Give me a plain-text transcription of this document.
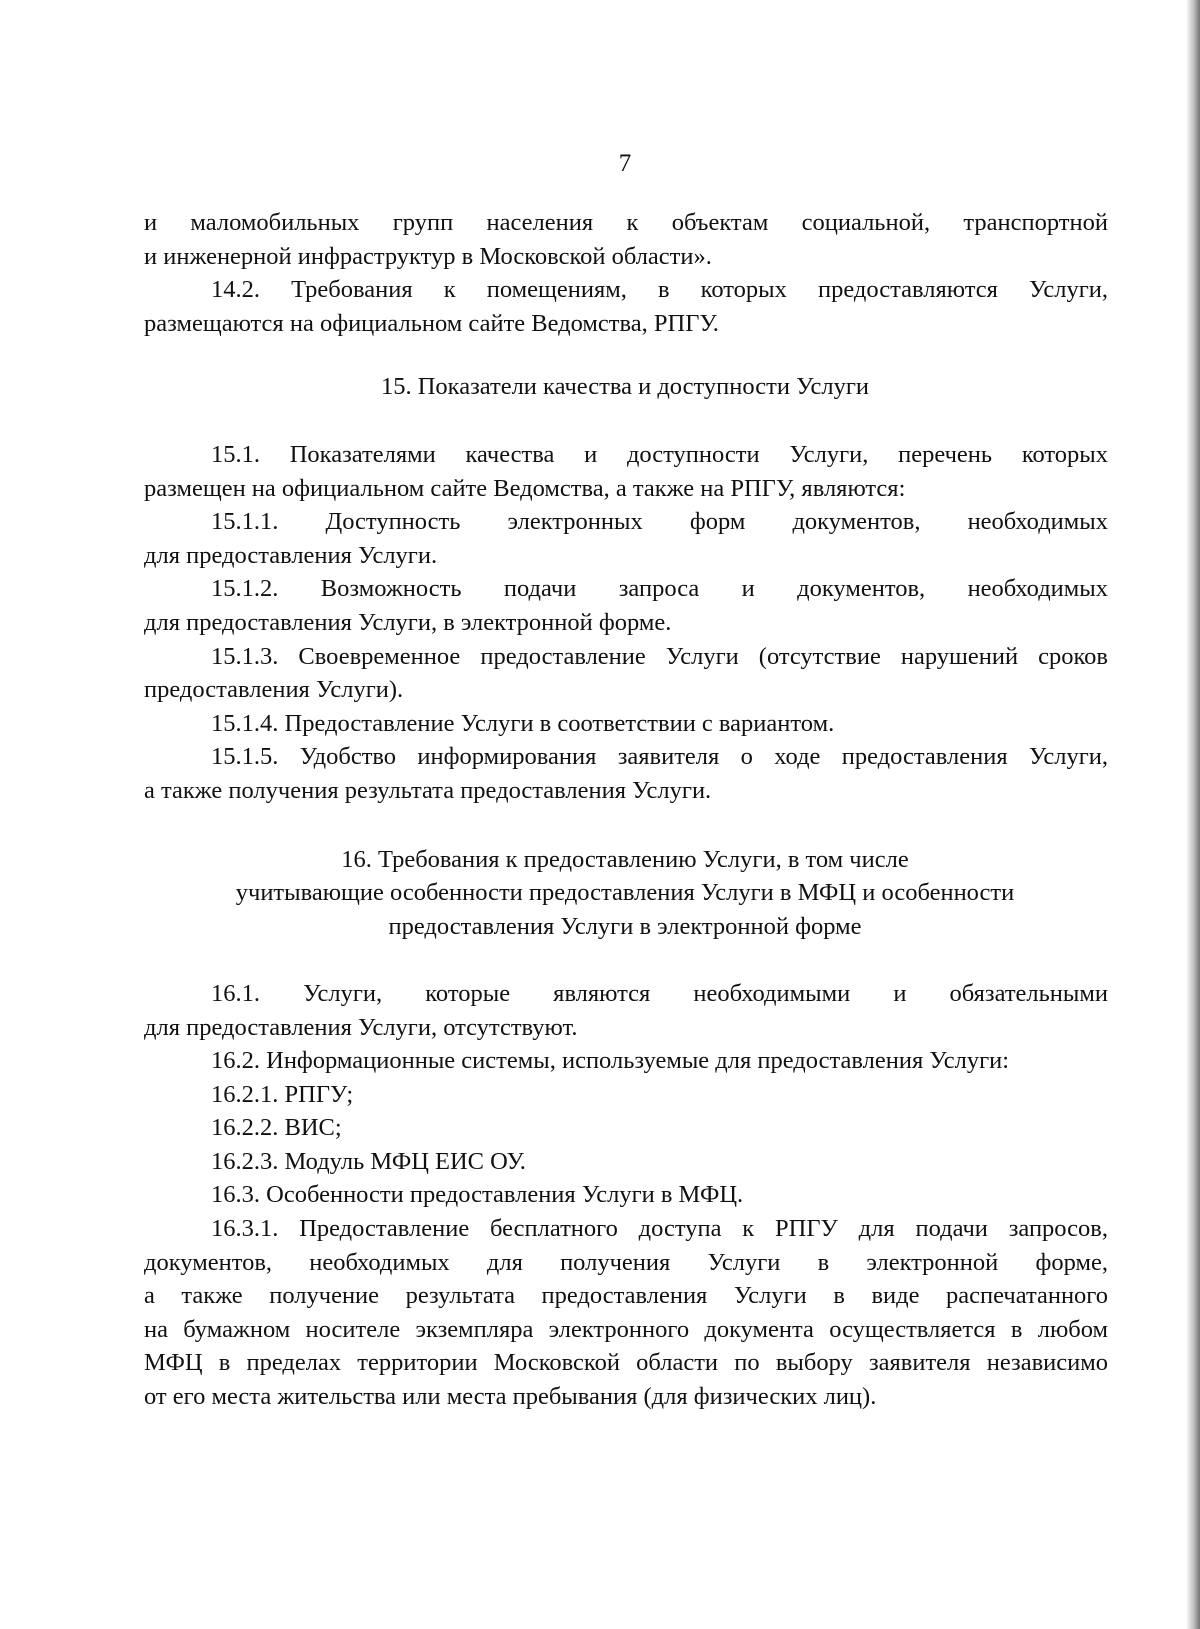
7
и маломобильных групп населения к объектам социальной, транспортной
и инженерной инфраструктур в Московской области».
14.2. Требования к помещениям, в которых предоставляются Услуги,
размещаются на официальном сайте Ведомства, РПГУ.
15. Показатели качества и доступности Услуги
15.1. Показателями качества и доступности Услуги, перечень которых
размещен на официальном сайте Ведомства, а также на РПГУ, являются:
15.1.1. Доступность электронных форм документов, необходимых
для предоставления Услуги.
15.1.2. Возможность подачи запроса и документов, необходимых
для предоставления Услуги, в электронной форме.
15.1.3. Своевременное предоставление Услуги (отсутствие нарушений сроков
предоставления Услуги).
15.1.4. Предоставление Услуги в соответствии с вариантом.
15.1.5. Удобство информирования заявителя о ходе предоставления Услуги,
а также получения результата предоставления Услуги.
16. Требования к предоставлению Услуги, в том числе
учитывающие особенности предоставления Услуги в МФЦ и особенности
предоставления Услуги в электронной форме
16.1. Услуги, которые являются необходимыми и обязательными
для предоставления Услуги, отсутствуют.
16.2. Информационные системы, используемые для предоставления Услуги:
16.2.1. РПГУ;
16.2.2. ВИС;
16.2.3. Модуль МФЦ ЕИС ОУ.
16.3. Особенности предоставления Услуги в МФЦ.
16.3.1. Предоставление бесплатного доступа к РПГУ для подачи запросов,
документов, необходимых для получения Услуги в электронной форме,
а также получение результата предоставления Услуги в виде распечатанного
на бумажном носителе экземпляра электронного документа осуществляется в любом
МФЦ в пределах территории Московской области по выбору заявителя независимо
от его места жительства или места пребывания (для физических лиц).
